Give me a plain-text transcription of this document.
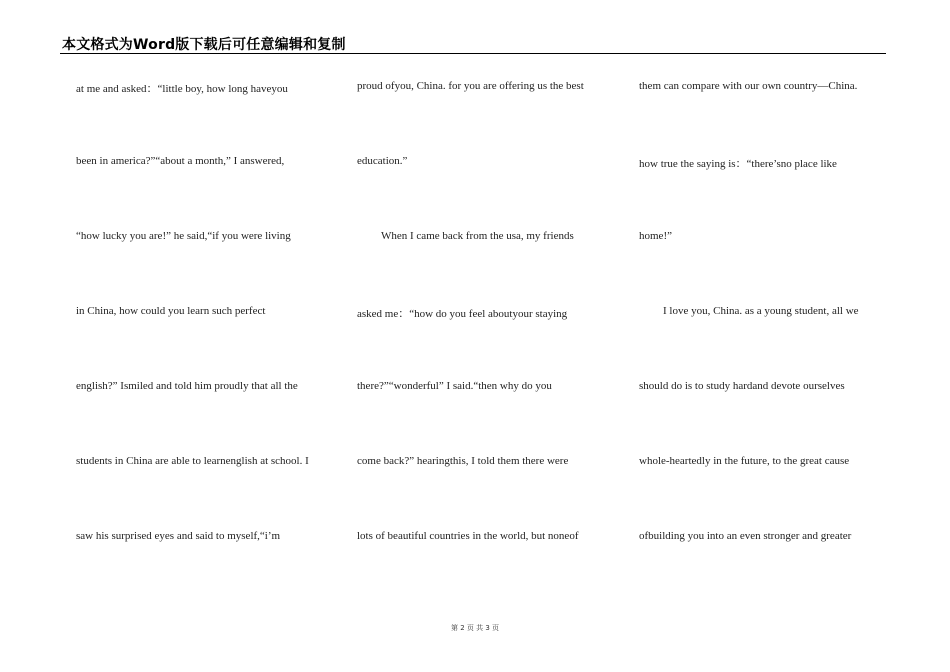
本文格式为Word版下载后可任意编辑和复制
at me and asked：“little boy, how long haveyou
been in america?”“about a month,” I answered,
“how lucky you are!” he said,“if you were living
in China, how could you learn such perfect
english?” Ismiled and told him proudly that all the
students in China are able to learnenglish at school. I
saw his surprised eyes and said to myself,“i’m
proud ofyou, China. for you are offering us the best
education.”
When I came back from the usa, my friends
asked me：“how do you feel aboutyour staying
there?”“wonderful” I said.“then why do you
come back?” hearingthis, I told them there were
lots of beautiful countries in the world, but noneof
them can compare with our own country—China.
how true the saying is：“there’sno place like
home!”
I love you, China. as a young student, all we
should do is to study hardand devote ourselves
whole-heartedly in the future, to the great cause
ofbuilding you into an even stronger and greater
第 2 页 共 3 页
